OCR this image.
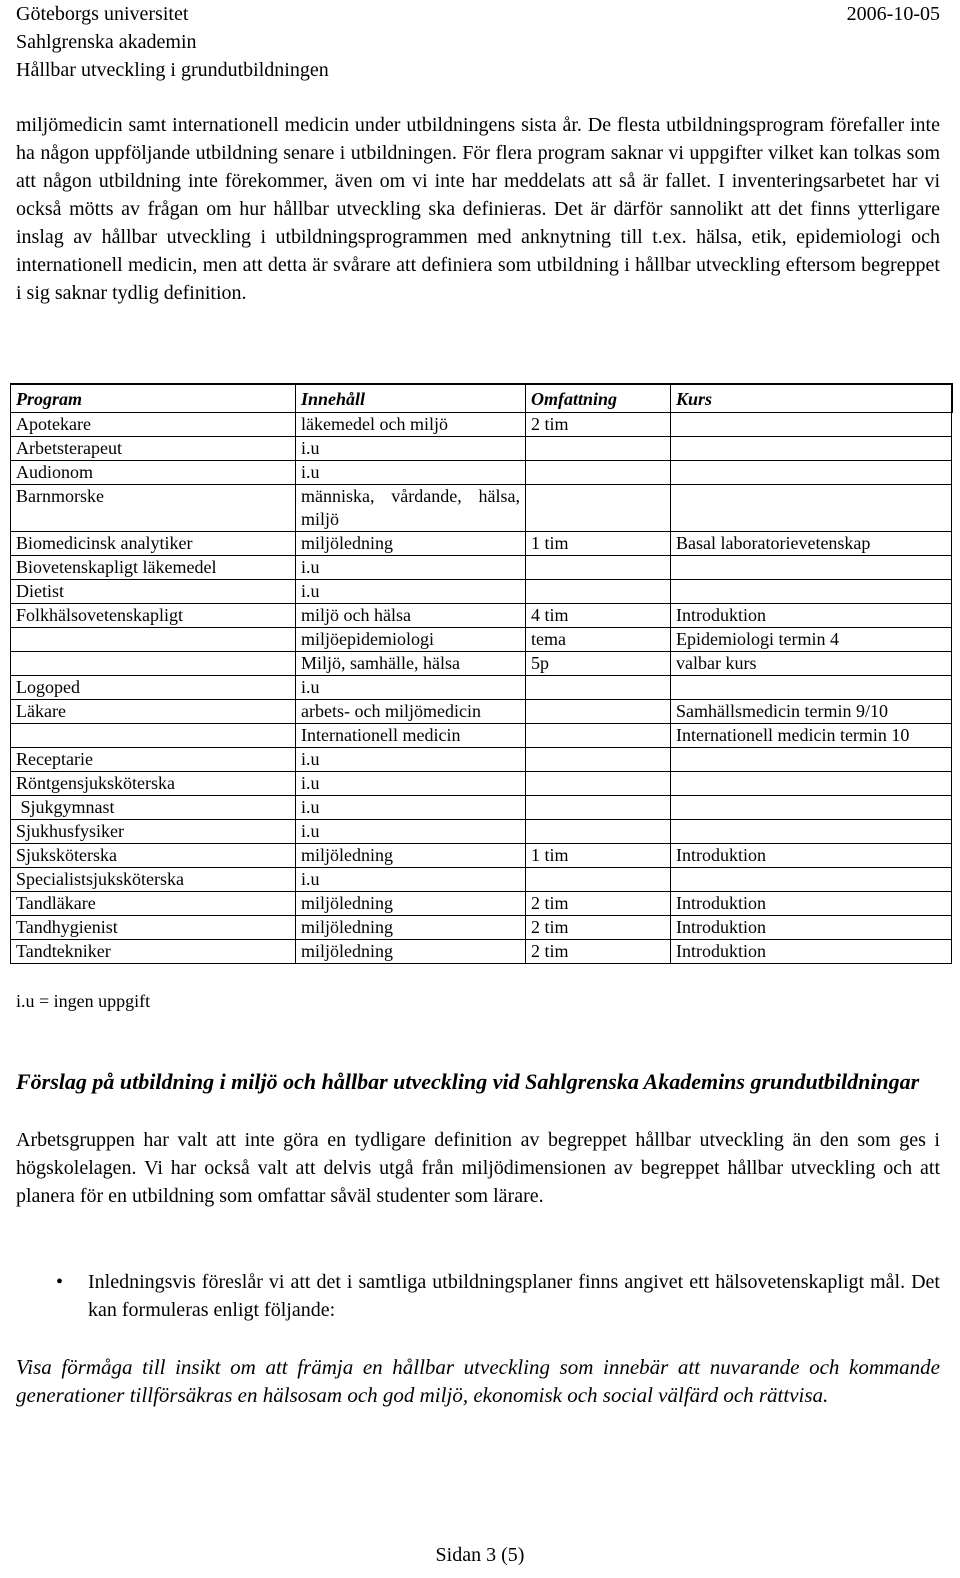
Göteborgs universitet	2006-10-05
Sahlgrenska akademin
Hållbar utveckling i grundutbildningen
miljömedicin samt internationell medicin under utbildningens sista år. De flesta utbildningsprogram förefaller inte ha någon uppföljande utbildning senare i utbildningen. För flera program saknar vi uppgifter vilket kan tolkas som att någon utbildning inte förekommer, även om vi inte har meddelats att så är fallet. I inventeringsarbetet har vi också mötts av frågan om hur hållbar utveckling ska definieras. Det är därför sannolikt att det finns ytterligare inslag av hållbar utveckling i utbildningsprogrammen med anknytning till t.ex. hälsa, etik, epidemiologi och internationell medicin, men att detta är svårare att definiera som utbildning i hållbar utveckling eftersom begreppet i sig saknar tydlig definition.
Program	Innehåll	Omfattning	Kurs
Apotekare	läkemedel och miljö	2 tim	
Arbetsterapeut	i.u		
Audionom	i.u		
Barnmorske	människa, vårdande, hälsa, miljö		
Biomedicinsk analytiker	miljöledning	1 tim	Basal laboratorievetenskap
Biovetenskapligt läkemedel	i.u		
Dietist	i.u		
Folkhälsovetenskapligt	miljö och hälsa	4 tim	Introduktion
	miljöepidemiologi	tema	Epidemiologi termin 4
	Miljö, samhälle, hälsa	5p	valbar kurs
Logoped	i.u		
Läkare	arbets- och miljömedicin		Samhällsmedicin termin 9/10
	Internationell medicin		Internationell medicin termin 10
Receptarie	i.u		
Röntgensjuksköterska	i.u		
Sjukgymnast	i.u		
Sjukhusfysiker	i.u		
Sjuksköterska	miljöledning	1 tim	Introduktion
Specialistsjuksköterska	i.u		
Tandläkare	miljöledning	2 tim	Introduktion
Tandhygienist	miljöledning	2 tim	Introduktion
Tandtekniker	miljöledning	2 tim	Introduktion
i.u = ingen uppgift
Förslag på utbildning i miljö och hållbar utveckling vid Sahlgrenska Akademins grundutbildningar
Arbetsgruppen har valt att inte göra en tydligare definition av begreppet hållbar utveckling än den som ges i högskolelagen. Vi har också valt att delvis utgå från miljödimensionen av begreppet hållbar utveckling och att planera för en utbildning som omfattar såväl studenter som lärare.
•	Inledningsvis föreslår vi att det i samtliga utbildningsplaner finns angivet ett hälsovetenskapligt mål. Det kan formuleras enligt följande:
Visa förmåga till insikt om att främja en hållbar utveckling som innebär att nuvarande och kommande generationer tillförsäkras en hälsosam och god miljö, ekonomisk och social välfärd och rättvisa.
Sidan 3 (5)
